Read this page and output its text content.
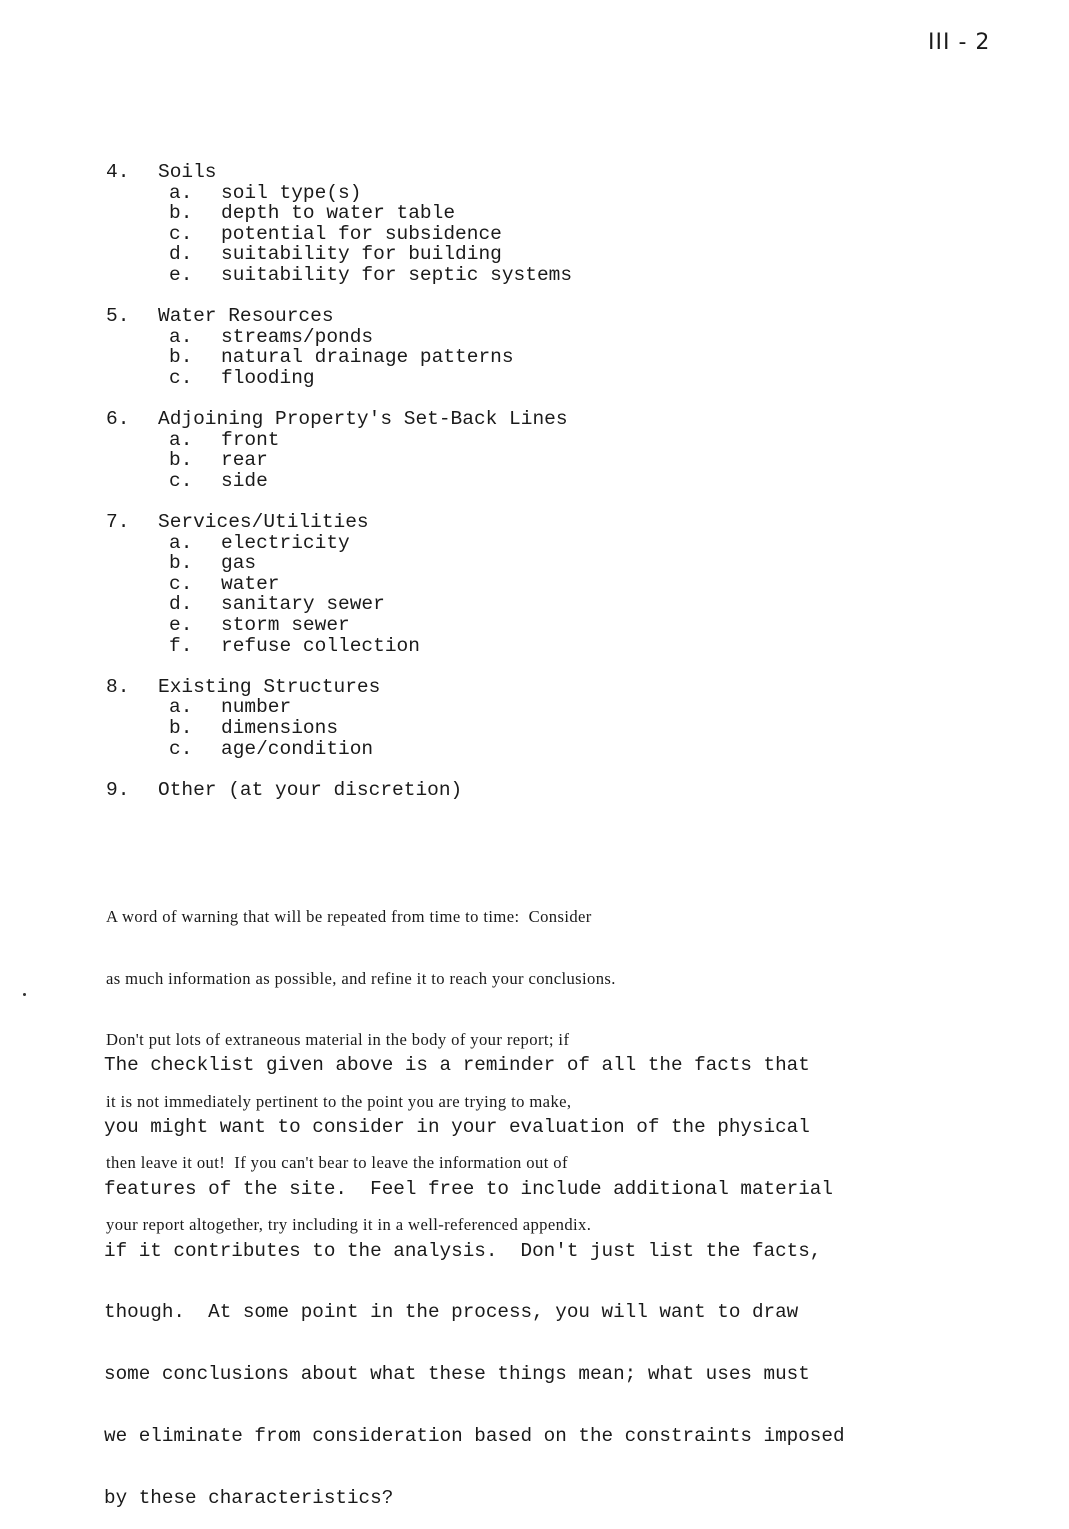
III - 2
4.	Soils
a.	soil type(s)
b.	depth to water table
c.	potential for subsidence
d.	suitability for building
e.	suitability for septic systems
5.	Water Resources
a.	streams/ponds
b.	natural drainage patterns
c.	flooding
6.	Adjoining Property's Set-Back Lines
a.	front
b.	rear
c.	side
7.	Services/Utilities
a.	electricity
b.	gas
c.	water
d.	sanitary sewer
e.	storm sewer
f.	refuse collection
8.	Existing Structures
a.	number
b.	dimensions
c.	age/condition
9.	Other (at your discretion)

A word of warning that will be repeated from time to time:  Consider

as much information as possible, and refine it to reach your conclusions.

Don't put lots of extraneous material in the body of your report; if

it is not immediately pertinent to the point you are trying to make,

then leave it out!  If you can't bear to leave the information out of

your report altogether, try including it in a well-referenced appendix.

The checklist given above is a reminder of all the facts that

you might want to consider in your evaluation of the physical

features of the site.  Feel free to include additional material

if it contributes to the analysis.  Don't just list the facts,

though.  At some point in the process, you will want to draw

some conclusions about what these things mean; what uses must

we eliminate from consideration based on the constraints imposed

by these characteristics?
